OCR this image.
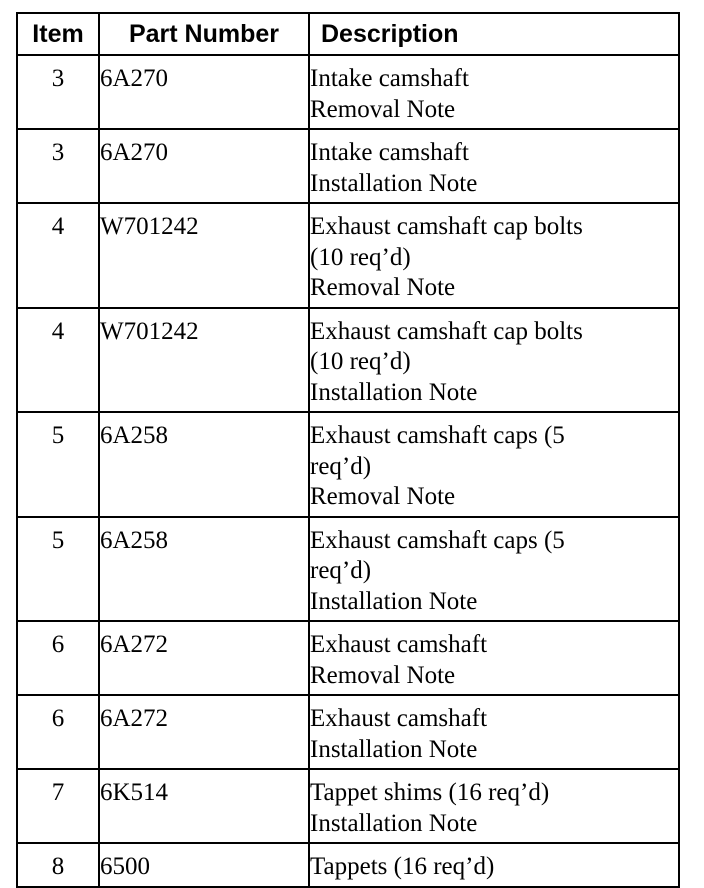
Item	Part Number	Description
3	6A270	Intake camshaft
Removal Note

3	6A270	Intake camshaft
Installation Note

4	W701242	Exhaust camshaft cap bolts
(10 req’d)
Removal Note

4	W701242	Exhaust camshaft cap bolts
(10 req’d)
Installation Note

5	6A258	Exhaust camshaft caps (5
req’d)
Removal Note

5	6A258	Exhaust camshaft caps (5
req’d)
Installation Note

6	6A272	Exhaust camshaft
Removal Note

6	6A272	Exhaust camshaft
Installation Note

7	6K514	Tappet shims (16 req’d)
Installation Note

8	6500	Tappets (16 req’d)
